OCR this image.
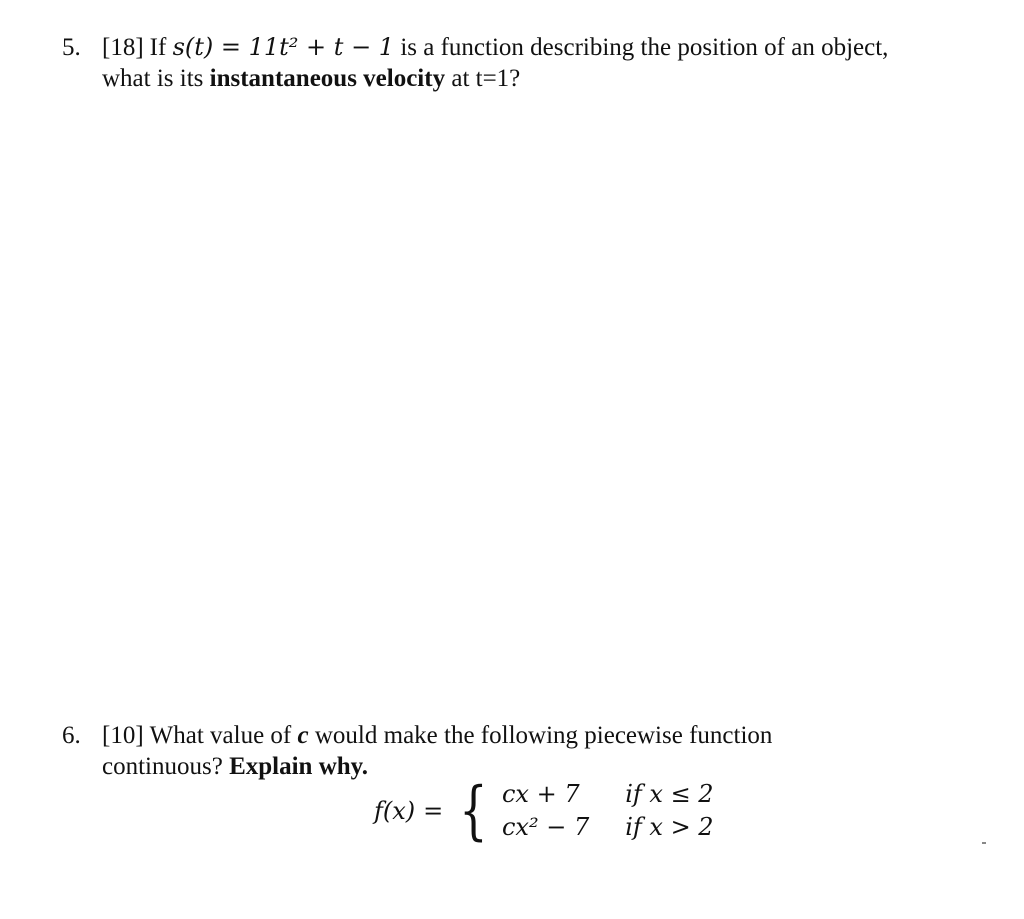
5. [18] If s(t) = 11t² + t − 1 is a function describing the position of an object,
what is its instantaneous velocity at t=1?
6. [10] What value of c would make the following piecewise function
continuous? Explain why.
f(x) = { cx + 7	if x ≤ 2
cx² − 7 if x > 2
